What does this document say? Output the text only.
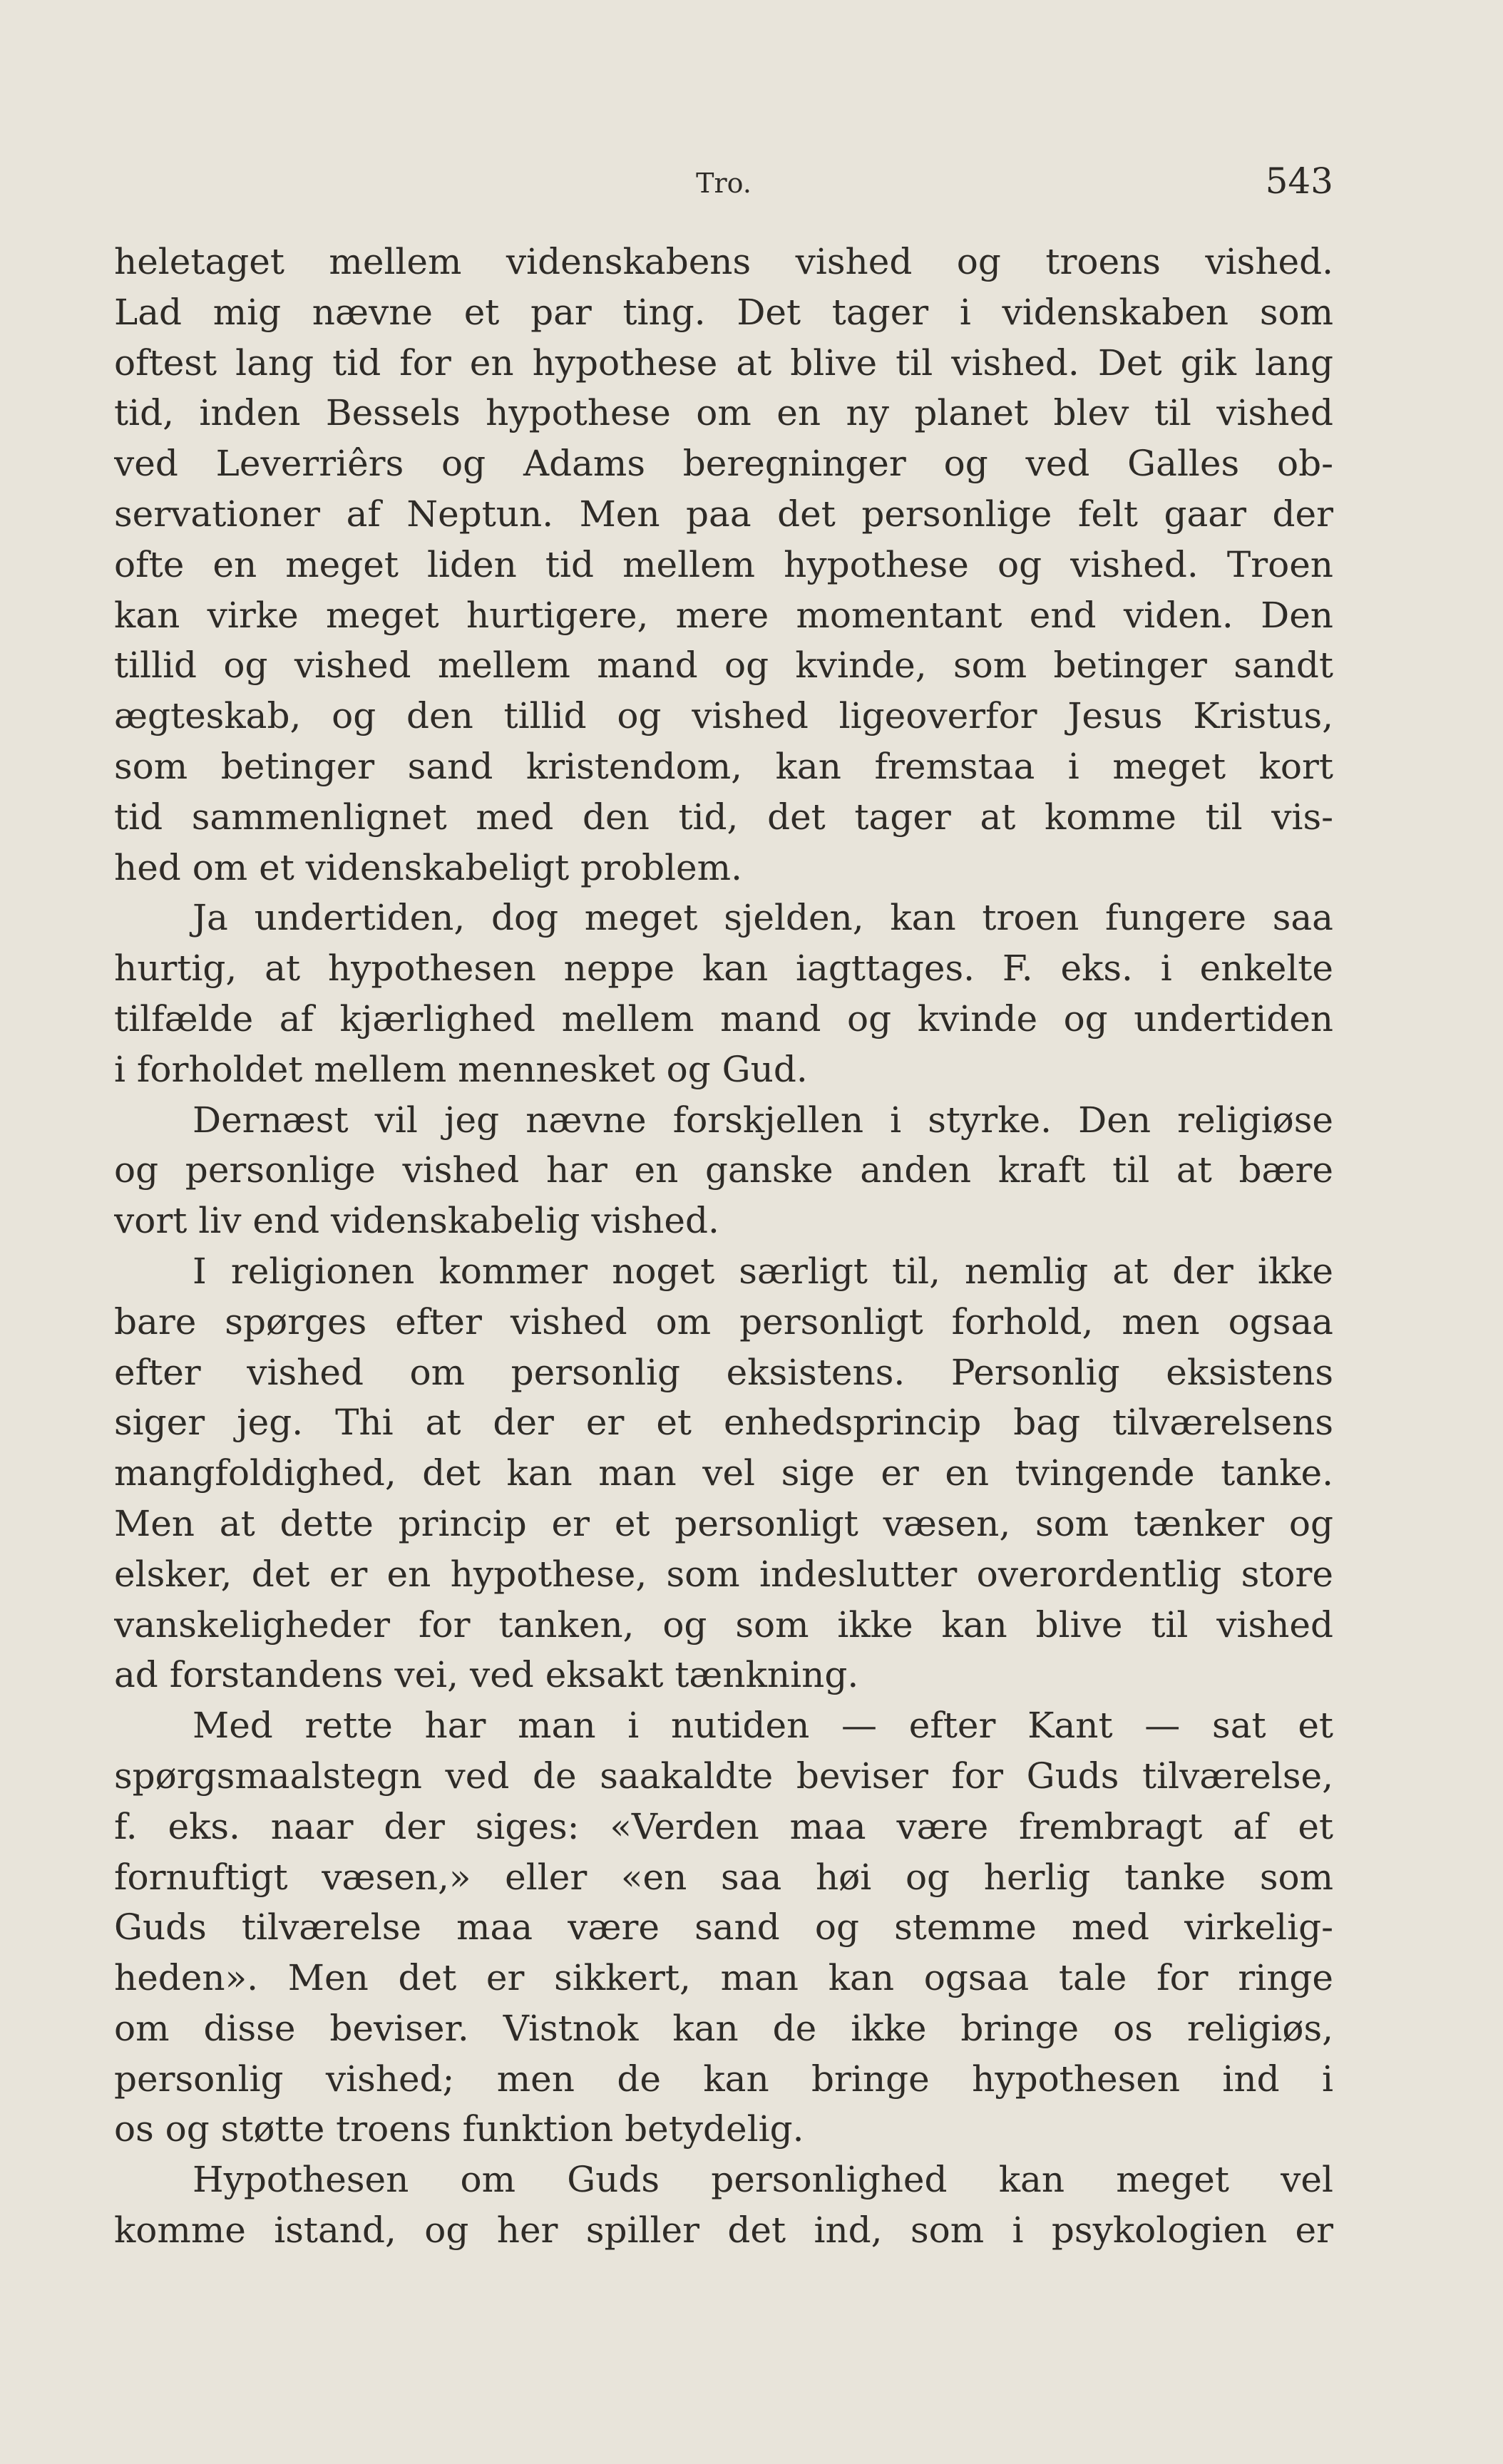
Tro.	543
heletaget mellem videnskabens vished og troens vished.
Lad mig nævne et par ting. Det tager i videnskaben som
oftest lang tid for en hypothese at blive til vished. Det gik lang
tid, inden Bessels hypothese om en ny planet blev til vished
ved Leverriêrs og Adams beregninger og ved Galles ob-
servationer af Neptun. Men paa det personlige felt gaar der
ofte en meget liden tid mellem hypothese og vished. Troen
kan virke meget hurtigere, mere momentant end viden. Den
tillid og vished mellem mand og kvinde, som betinger sandt
ægteskab, og den tillid og vished ligeoverfor Jesus Kristus,
som betinger sand kristendom, kan fremstaa i meget kort
tid sammenlignet med den tid, det tager at komme til vis-
hed om et videnskabeligt problem.
Ja undertiden, dog meget sjelden, kan troen fungere saa
hurtig, at hypothesen neppe kan iagttages. F. eks. i enkelte
tilfælde af kjærlighed mellem mand og kvinde og undertiden
i forholdet mellem mennesket og Gud.
Dernæst vil jeg nævne forskjellen i styrke. Den religiøse
og personlige vished har en ganske anden kraft til at bære
vort liv end videnskabelig vished.
I religionen kommer noget særligt til, nemlig at der ikke
bare spørges efter vished om personligt forhold, men ogsaa
efter vished om personlig eksistens. Personlig eksistens
siger jeg. Thi at der er et enhedsprincip bag tilværelsens
mangfoldighed, det kan man vel sige er en tvingende tanke.
Men at dette princip er et personligt væsen, som tænker og
elsker, det er en hypothese, som indeslutter overordentlig store
vanskeligheder for tanken, og som ikke kan blive til vished
ad forstandens vei, ved eksakt tænkning.
Med rette har man i nutiden — efter Kant — sat et
spørgsmaalstegn ved de saakaldte beviser for Guds tilværelse,
f. eks. naar der siges: «Verden maa være frembragt af et
fornuftigt væsen,» eller «en saa høi og herlig tanke som
Guds tilværelse maa være sand og stemme med virkelig-
heden». Men det er sikkert, man kan ogsaa tale for ringe
om disse beviser. Vistnok kan de ikke bringe os religiøs,
personlig vished; men de kan bringe hypothesen ind i
os og støtte troens funktion betydelig.
Hypothesen om Guds personlighed kan meget vel
komme istand, og her spiller det ind, som i psykologien er
